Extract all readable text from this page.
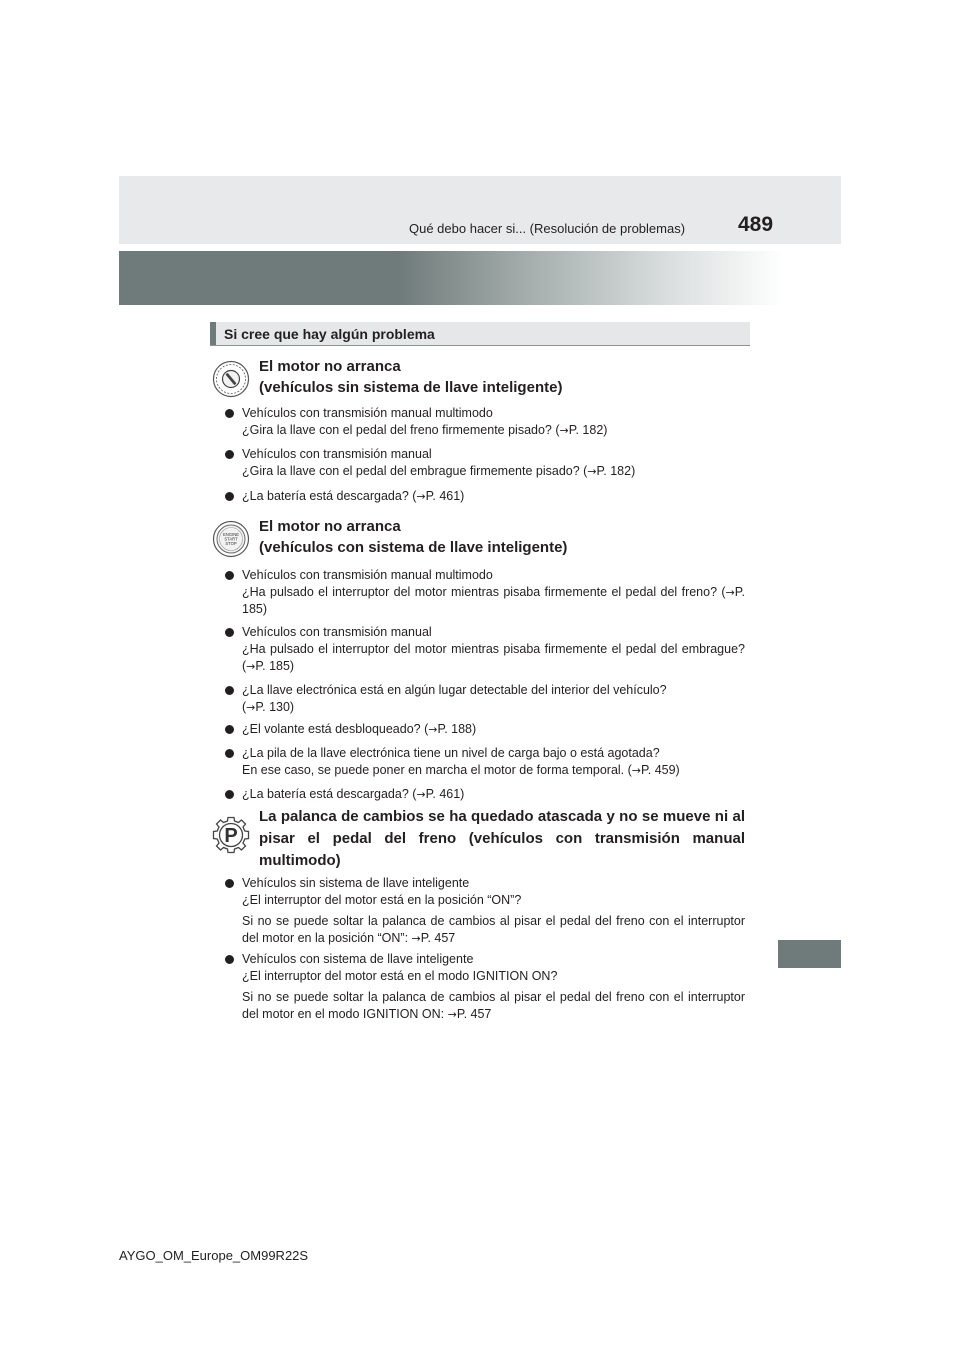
Qué debo hacer si... (Resolución de problemas)	489
Si cree que hay algún problema
El motor no arranca
(vehículos sin sistema de llave inteligente)
Vehículos con transmisión manual multimodo
¿Gira la llave con el pedal del freno firmemente pisado? (→P. 182)
Vehículos con transmisión manual
¿Gira la llave con el pedal del embrague firmemente pisado? (→P. 182)
¿La batería está descargada? (→P. 461)
ENGINE
START
STOP
El motor no arranca
(vehículos con sistema de llave inteligente)
Vehículos con transmisión manual multimodo
¿Ha pulsado el interruptor del motor mientras pisaba firmemente el pedal del freno? (→P. 185)
Vehículos con transmisión manual
¿Ha pulsado el interruptor del motor mientras pisaba firmemente el pedal del embrague? (→P. 185)
¿La llave electrónica está en algún lugar detectable del interior del vehículo?
(→P. 130)
¿El volante está desbloqueado? (→P. 188)
¿La pila de la llave electrónica tiene un nivel de carga bajo o está agotada?
En ese caso, se puede poner en marcha el motor de forma temporal. (→P. 459)
¿La batería está descargada? (→P. 461)
P
La palanca de cambios se ha quedado atascada y no se mueve ni al pisar el pedal del freno (vehículos con transmisión manual multimodo)
Vehículos sin sistema de llave inteligente
¿El interruptor del motor está en la posición “ON”?
Si no se puede soltar la palanca de cambios al pisar el pedal del freno con el interruptor del motor en la posición “ON”: →P. 457
Vehículos con sistema de llave inteligente
¿El interruptor del motor está en el modo IGNITION ON?
Si no se puede soltar la palanca de cambios al pisar el pedal del freno con el interruptor del motor en el modo IGNITION ON: →P. 457
AYGO_OM_Europe_OM99R22S
